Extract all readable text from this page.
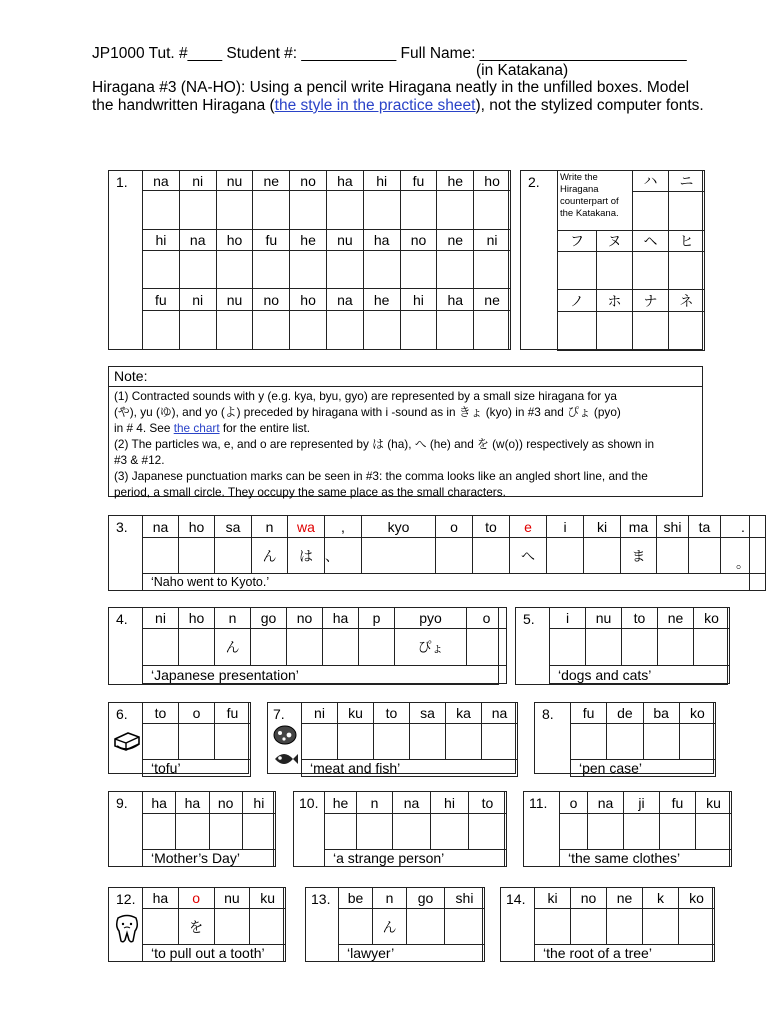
JP1000 Tut. #____ Student #: ___________ Full Name: ________________________
(in Katakana)
Hiragana #3 (NA-HO): Using a pencil write Hiragana neatly in the unfilled boxes. Model
the handwritten Hiragana (the style in the practice sheet), not the stylized computer fonts.
1. na	ni	nu	ne	no	ha	hi	fu	he	ho

hi	na	ho	fu	he	nu	ha	no	ne	ni

fu	ni	nu	no	ho	na	he	hi	ha	ne

2. Write the Hiragana counterpart of the Katakana.		ハ	ニ

フ	ヌ	ヘ	ヒ

ノ	ホ	ナ	ネ

Note:
(1) Contracted sounds with y (e.g. kya, byu, gyo) are represented by a small size hiragana for ya
(や), yu (ゆ), and yo (よ) preceded by hiragana with i -sound as in きょ (kyo) in #3 and ぴょ (pyo)
in # 4. See the chart for the entire list.
(2) The particles wa, e, and o are represented by は (ha), へ (he) and を (w(o)) respectively as shown in
#3 & #12.
(3) Japanese punctuation marks can be seen in #3: the comma looks like an angled short line, and the
period, a small circle. They occupy the same place as the small characters.
3. na	ho	sa	n	wa	,	kyo	o	to	e	i	ki	ma	shi	ta	.
			ん	は	、				へ			ま			。
‘Naho went to Kyoto.’															
4. ni	ho	n	go	no	ha	p	pyo	o
		ん					ぴょ	
‘Japanese presentation’								
5. i	nu	to	ne	ko

‘dogs and cats’				
6. to	o	fu

‘tofu’		
7. ni	ku	to	sa	ka	na

‘meat and fish’					
8. fu	de	ba	ko

‘pen case’			
9. ha	ha	no	hi

‘Mother’s Day’			
10. he	n	na	hi	to

‘a strange person’				
11. o	na	ji	fu	ku

‘the same clothes’				
12. ha	o	nu	ku
	を		
‘to pull out a tooth’			
13. be	n	go	shi
	ん		
‘lawyer’			
14. ki	no	ne	k	ko

‘the root of a tree’				
